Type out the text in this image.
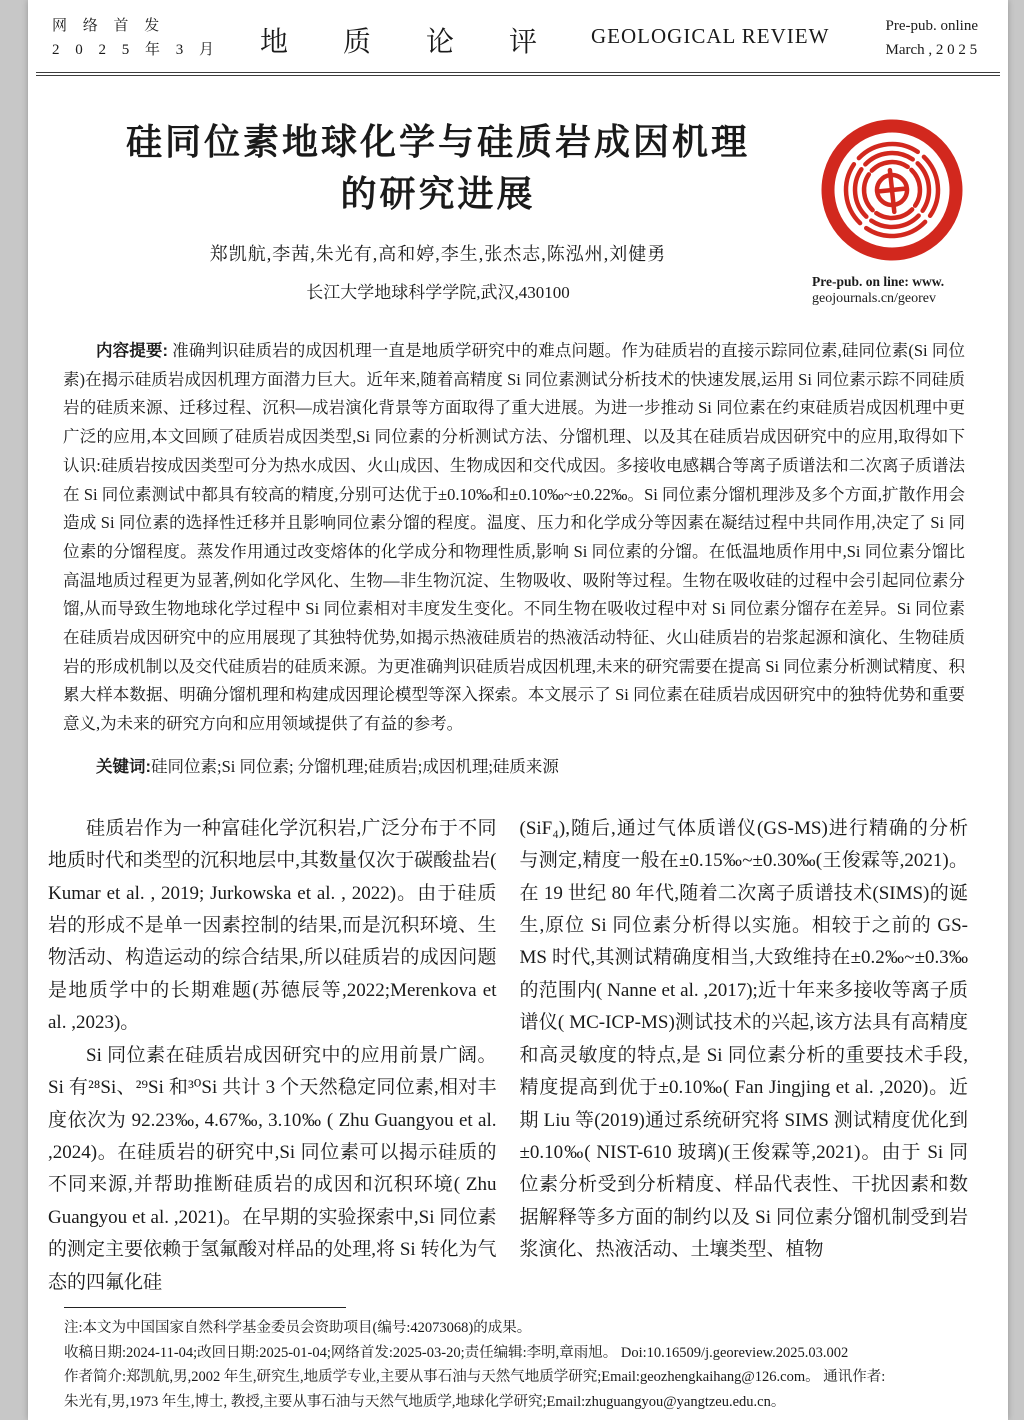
网 络 首 发
2 0 2 5 年 3 月 地 质 论 评 GEOLOGICAL REVIEW	Pre-pub. online
March , 2 0 2 5
硅同位素地球化学与硅质岩成因机理
的研究进展
郑凯航,李茜,朱光有,高和婷,李生,张杰志,陈泓州,刘健勇
长江大学地球科学学院,武汉,430100
Pre-pub. on line: www.
geojournals.cn/georev

内容提要: 准确判识硅质岩的成因机理一直是地质学研究中的难点问题。作为硅质岩的直接示踪同位素,硅同位素(Si 同位素)在揭示硅质岩成因机理方面潜力巨大。近年来,随着高精度 Si 同位素测试分析技术的快速发展,运用 Si 同位素示踪不同硅质岩的硅质来源、迁移过程、沉积—成岩演化背景等方面取得了重大进展。为进一步推动 Si 同位素在约束硅质岩成因机理中更广泛的应用,本文回顾了硅质岩成因类型,Si 同位素的分析测试方法、分馏机理、以及其在硅质岩成因研究中的应用,取得如下认识:硅质岩按成因类型可分为热水成因、火山成因、生物成因和交代成因。多接收电感耦合等离子质谱法和二次离子质谱法在 Si 同位素测试中都具有较高的精度,分别可达优于±0.10‰和±0.10‰~±0.22‰。Si 同位素分馏机理涉及多个方面,扩散作用会造成 Si 同位素的选择性迁移并且影响同位素分馏的程度。温度、压力和化学成分等因素在凝结过程中共同作用,决定了 Si 同位素的分馏程度。蒸发作用通过改变熔体的化学成分和物理性质,影响 Si 同位素的分馏。在低温地质作用中,Si 同位素分馏比高温地质过程更为显著,例如化学风化、生物—非生物沉淀、生物吸收、吸附等过程。生物在吸收硅的过程中会引起同位素分馏,从而导致生物地球化学过程中 Si 同位素相对丰度发生变化。不同生物在吸收过程中对 Si 同位素分馏存在差异。Si 同位素在硅质岩成因研究中的应用展现了其独特优势,如揭示热液硅质岩的热液活动特征、火山硅质岩的岩浆起源和演化、生物硅质岩的形成机制以及交代硅质岩的硅质来源。为更准确判识硅质岩成因机理,未来的研究需要在提高 Si 同位素分析测试精度、积累大样本数据、明确分馏机理和构建成因理论模型等深入探索。本文展示了 Si 同位素在硅质岩成因研究中的独特优势和重要意义,为未来的研究方向和应用领域提供了有益的参考。

关键词:硅同位素;Si 同位素; 分馏机理;硅质岩;成因机理;硅质来源

硅质岩作为一种富硅化学沉积岩,广泛分布于不同地质时代和类型的沉积地层中,其数量仅次于碳酸盐岩( Kumar et al. , 2019; Jurkowska et al. , 2022)。由于硅质岩的形成不是单一因素控制的结果,而是沉积环境、生物活动、构造运动的综合结果,所以硅质岩的成因问题是地质学中的长期难题(苏德辰等,2022;Merenkova et al. ,2023)。

Si 同位素在硅质岩成因研究中的应用前景广阔。Si 有²⁸Si、²⁹Si 和³⁰Si 共计 3 个天然稳定同位素,相对丰度依次为 92.23‰, 4.67‰, 3.10‰ ( Zhu Guangyou et al. ,2024)。在硅质岩的研究中,Si 同位素可以揭示硅质的不同来源,并帮助推断硅质岩的成因和沉积环境( Zhu Guangyou et al. ,2021)。在早期的实验探索中,Si 同位素的测定主要依赖于氢氟酸对样品的处理,将 Si 转化为气态的四氟化硅

(SiF₄),随后,通过气体质谱仪(GS-MS)进行精确的分析与测定,精度一般在±0.15‰~±0.30‰(王俊霖等,2021)。在 19 世纪 80 年代,随着二次离子质谱技术(SIMS)的诞生,原位 Si 同位素分析得以实施。相较于之前的 GS-MS 时代,其测试精确度相当,大致维持在±0.2‰~±0.3‰的范围内( Nanne et al. ,2017);近十年来多接收等离子质谱仪( MC-ICP-MS)测试技术的兴起,该方法具有高精度和高灵敏度的特点,是 Si 同位素分析的重要技术手段,精度提高到优于±0.10‰( Fan Jingjing et al. ,2020)。近期 Liu 等(2019)通过系统研究将 SIMS 测试精度优化到±0.10‰( NIST-610 玻璃)(王俊霖等,2021)。由于 Si 同位素分析受到分析精度、样品代表性、干扰因素和数据解释等多方面的制约以及 Si 同位素分馏机制受到岩浆演化、热液活动、土壤类型、植物

注:本文为中国国家自然科学基金委员会资助项目(编号:42073068)的成果。
收稿日期:2024-11-04;改回日期:2025-01-04;网络首发:2025-03-20;责任编辑:李明,章雨旭。 Doi:10.16509/j.georeview.2025.03.002
作者简介:郑凯航,男,2002 年生,研究生,地质学专业,主要从事石油与天然气地质学研究;Email:geozhengkaihang@126.com。 通讯作者:
朱光有,男,1973 年生,博士, 教授,主要从事石油与天然气地质学,地球化学研究;Email:zhuguangyou@yangtzeu.edu.cn。
